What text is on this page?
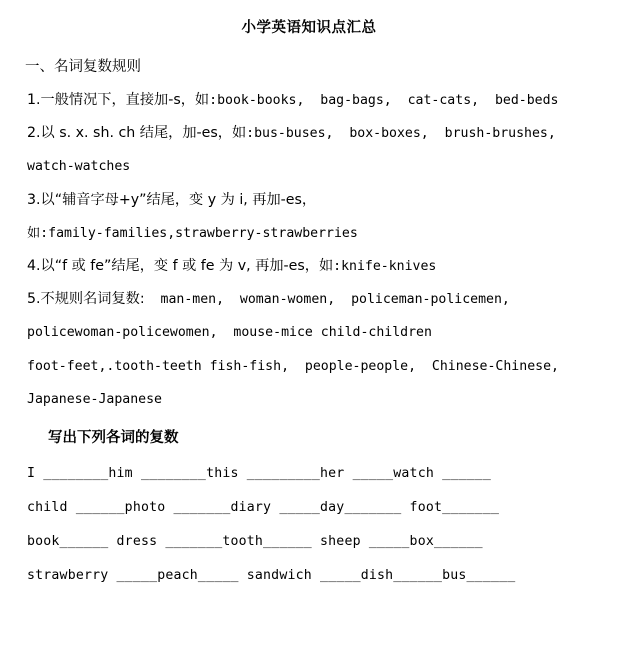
小学英语知识点汇总
一、名词复数规则
1.一般情况下，直接加-s，如:book-books,  bag-bags,  cat-cats,  bed-beds
2.以 s. x. sh. ch 结尾，加-es，如:bus-buses,  box-boxes,  brush-brushes,
watch-watches
3.以“辅音字母+y”结尾，变 y 为 i, 再加-es，
如:family-families,strawberry-strawberries
4.以“f 或 fe”结尾，变 f 或 fe 为 v, 再加-es，如:knife-knives
5.不规则名词复数:  man-men,  woman-women,  policeman-policemen,
policewoman-policewomen,  mouse-mice child-children
foot-feet,.tooth-teeth fish-fish,  people-people,  Chinese-Chinese,
Japanese-Japanese
写出下列各词的复数
I ________him ________this _________her _____watch ______
child ______photo _______diary _____day_______ foot_______
book______ dress _______tooth______ sheep _____box______
strawberry _____peach_____ sandwich _____dish______bus______
